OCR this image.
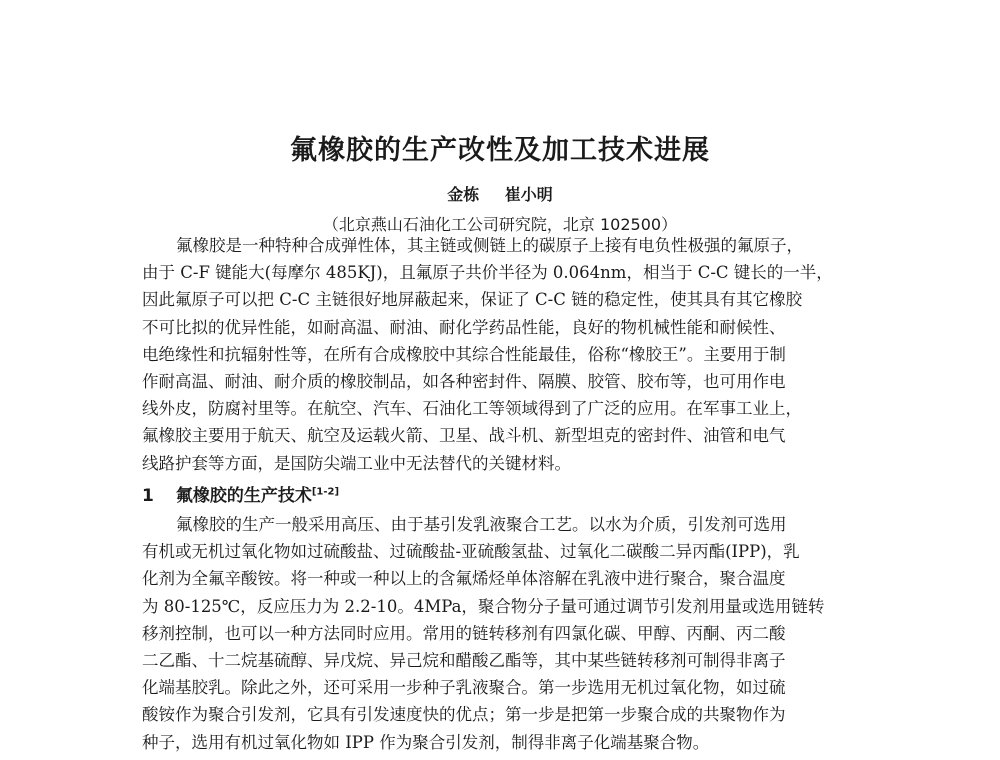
氟橡胶的生产改性及加工技术进展
金栋 崔小明
（北京燕山石油化工公司研究院，北京 102500）

氟橡胶是一种特种合成弹性体，其主链或侧链上的碳原子上接有电负性极强的氟原子，
由于 C-F 键能大(每摩尔 485KJ)，且氟原子共价半径为 0.064nm，相当于 C-C 键长的一半，
因此氟原子可以把 C-C 主链很好地屏蔽起来，保证了 C-C 链的稳定性，使其具有其它橡胶
不可比拟的优异性能，如耐高温、耐油、耐化学药品性能，良好的物机械性能和耐候性、
电绝缘性和抗辐射性等，在所有合成橡胶中其综合性能最佳，俗称“橡胶王”。主要用于制
作耐高温、耐油、耐介质的橡胶制品，如各种密封件、隔膜、胶管、胶布等，也可用作电
线外皮，防腐衬里等。在航空、汽车、石油化工等领域得到了广泛的应用。在军事工业上，
氟橡胶主要用于航天、航空及运载火箭、卫星、战斗机、新型坦克的密封件、油管和电气
线路护套等方面，是国防尖端工业中无法替代的关键材料。

1 氟橡胶的生产技术[1-2]

氟橡胶的生产一般采用高压、由于基引发乳液聚合工艺。以水为介质，引发剂可选用
有机或无机过氧化物如过硫酸盐、过硫酸盐-亚硫酸氢盐、过氧化二碳酸二异丙酯(IPP)，乳
化剂为全氟辛酸铵。将一种或一种以上的含氟烯烃单体溶解在乳液中进行聚合，聚合温度
为 80-125℃，反应压力为 2.2-10。4MPa，聚合物分子量可通过调节引发剂用量或选用链转
移剂控制，也可以一种方法同时应用。常用的链转移剂有四氯化碳、甲醇、丙酮、丙二酸
二乙酯、十二烷基硫醇、异戊烷、异己烷和醋酸乙酯等，其中某些链转移剂可制得非离子
化端基胶乳。除此之外，还可采用一步种子乳液聚合。第一步选用无机过氧化物，如过硫
酸铵作为聚合引发剂，它具有引发速度快的优点；第一步是把第一步聚合成的共聚物作为
种子，选用有机过氧化物如 IPP 作为聚合引发剂，制得非离子化端基聚合物。
